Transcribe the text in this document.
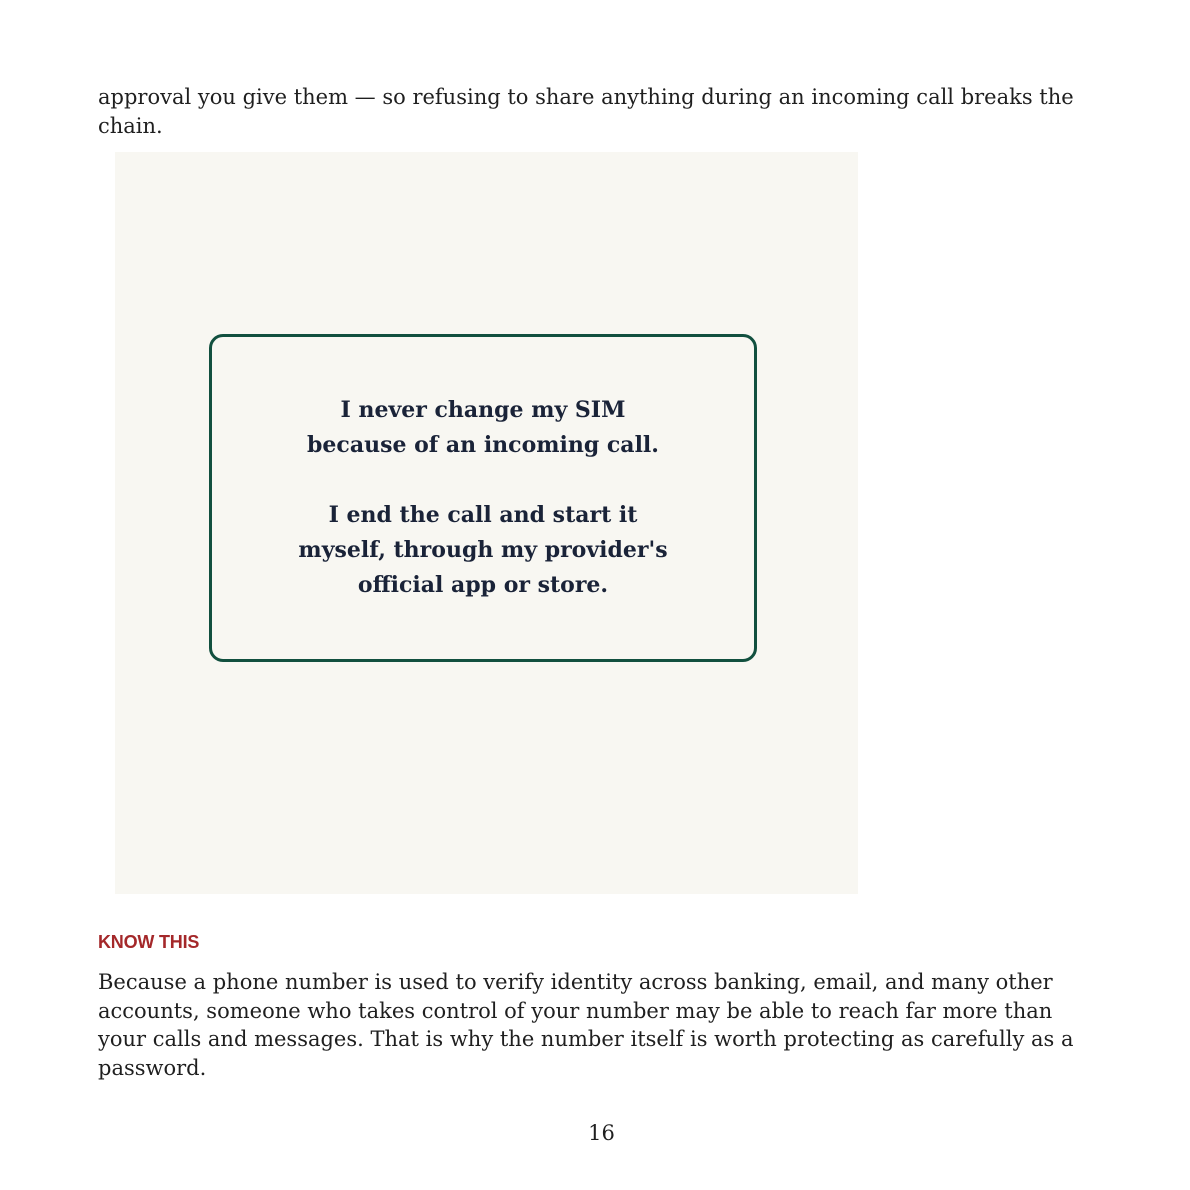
approval you give them — so refusing to share anything during an incoming call breaks the chain.

I never change my SIM
because of an incoming call.

I end the call and start it
myself, through my provider's
official app or store.

KNOW THIS

Because a phone number is used to verify identity across banking, email, and many other accounts, someone who takes control of your number may be able to reach far more than your calls and messages. That is why the number itself is worth protecting as carefully as a password.

16
